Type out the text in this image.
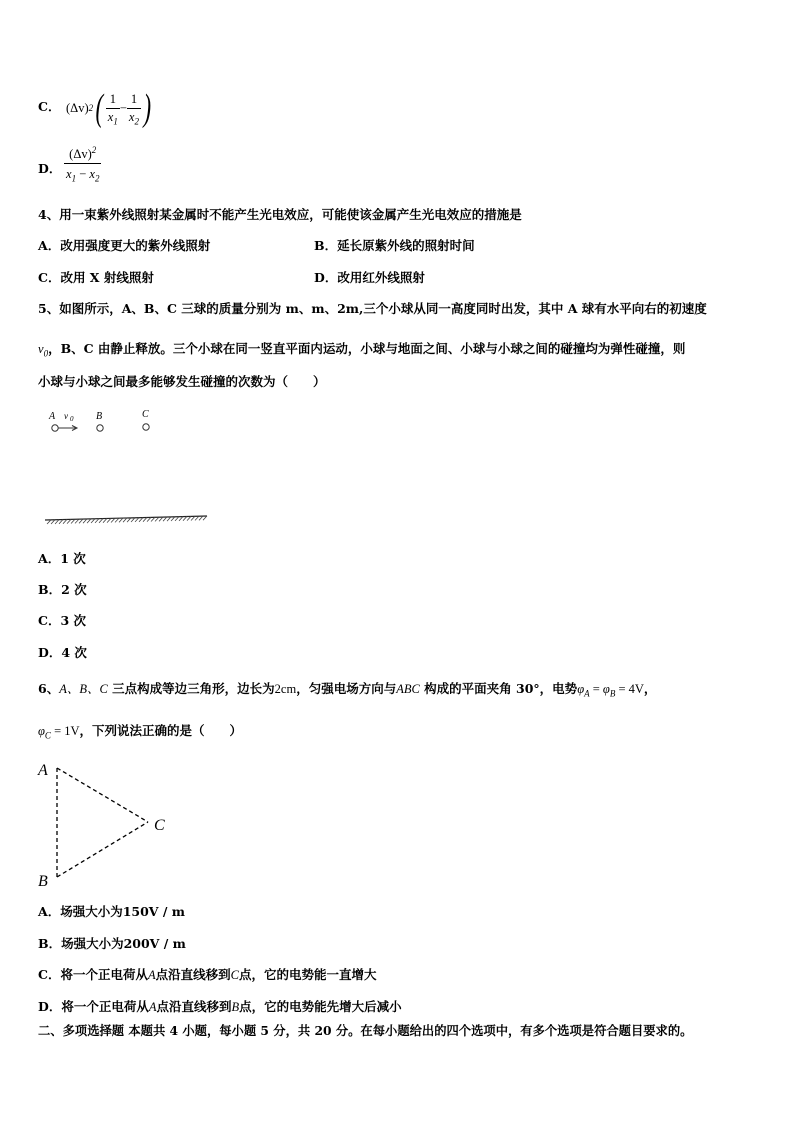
C． (Δv) 2 ( $\frac{1}{x_1} - \frac{1}{x_2}$ )
D． $\frac{(\Delta v)^2}{x_1 - x_2}$
4、用一束紫外线照射某金属时不能产生光电效应，可能使该金属产生光电效应的措施是
A．改用强度更大的紫外线照射	B．延长原紫外线的照射时间
C．改用 X 射线照射	D．改用红外线照射
5、如图所示，A、B、C 三球的质量分别为 m、m、2m,三个小球从同一高度同时出发，其中 A 球有水平向右的初速度
$v_0$，B、C 由静止释放。三个小球在同一竖直平面内运动，小球与地面之间、小球与小球之间的碰撞均为弹性碰撞，则
小球与小球之间最多能够发生碰撞的次数为（　　）
A v 0 B	C
A
B
C
A．1 次
B．2 次
C．3 次
D．4 次
6、A、B、C 三点构成等边三角形，边长为2cm，匀强电场方向与ABC 构成的平面夹角 30°，电势$\varphi_A = \varphi_B = 4V$，
$\varphi_C = 1V$，下列说法正确的是（　　）
A．场强大小为150V / m
B．场强大小为200V / m
C．将一个正电荷从A点沿直线移到C点，它的电势能一直增大
D．将一个正电荷从A点沿直线移到B点，它的电势能先增大后减小
二、多项选择题 本题共 4 小题，每小题 5 分，共 20 分。在每小题给出的四个选项中，有多个选项是符合题目要求的。
